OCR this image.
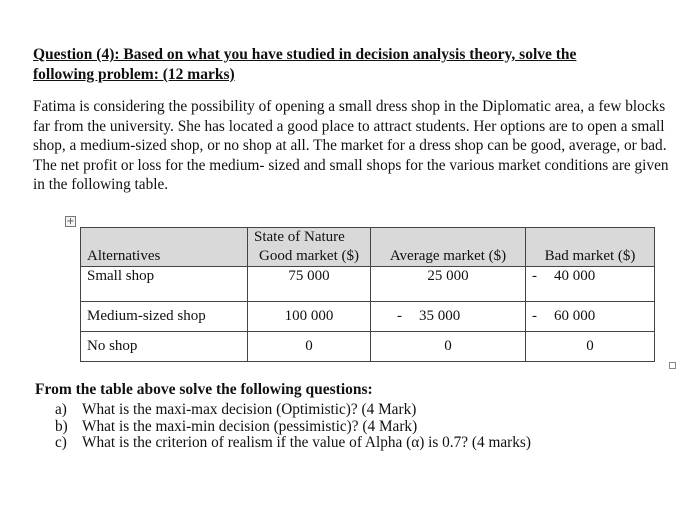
Question (4): Based on what you have studied in decision analysis theory, solve the
following problem: (12 marks)
Fatima is considering the possibility of opening a small dress shop in the Diplomatic area, a few blocks far from the university. She has located a good place to attract students. Her options are to open a small shop, a medium-sized shop, or no shop at all. The market for a dress shop can be good, average, or bad. The net profit or loss for the medium- sized and small shops for the various market conditions are given in the following table.
+
	State of Nature		
Alternatives	Good market ($)	Average market ($)	Bad market ($)
Small shop	75 000	25 000	- 40 000

Medium-sized shop	100 000	- 35 000	- 60 000
No shop	0	0	0
From the table above solve the following questions:
a) What is the maxi-max decision (Optimistic)? (4 Mark)
b) What is the maxi-min decision (pessimistic)? (4 Mark)
c) What is the criterion of realism if the value of Alpha (α) is 0.7? (4 marks)
